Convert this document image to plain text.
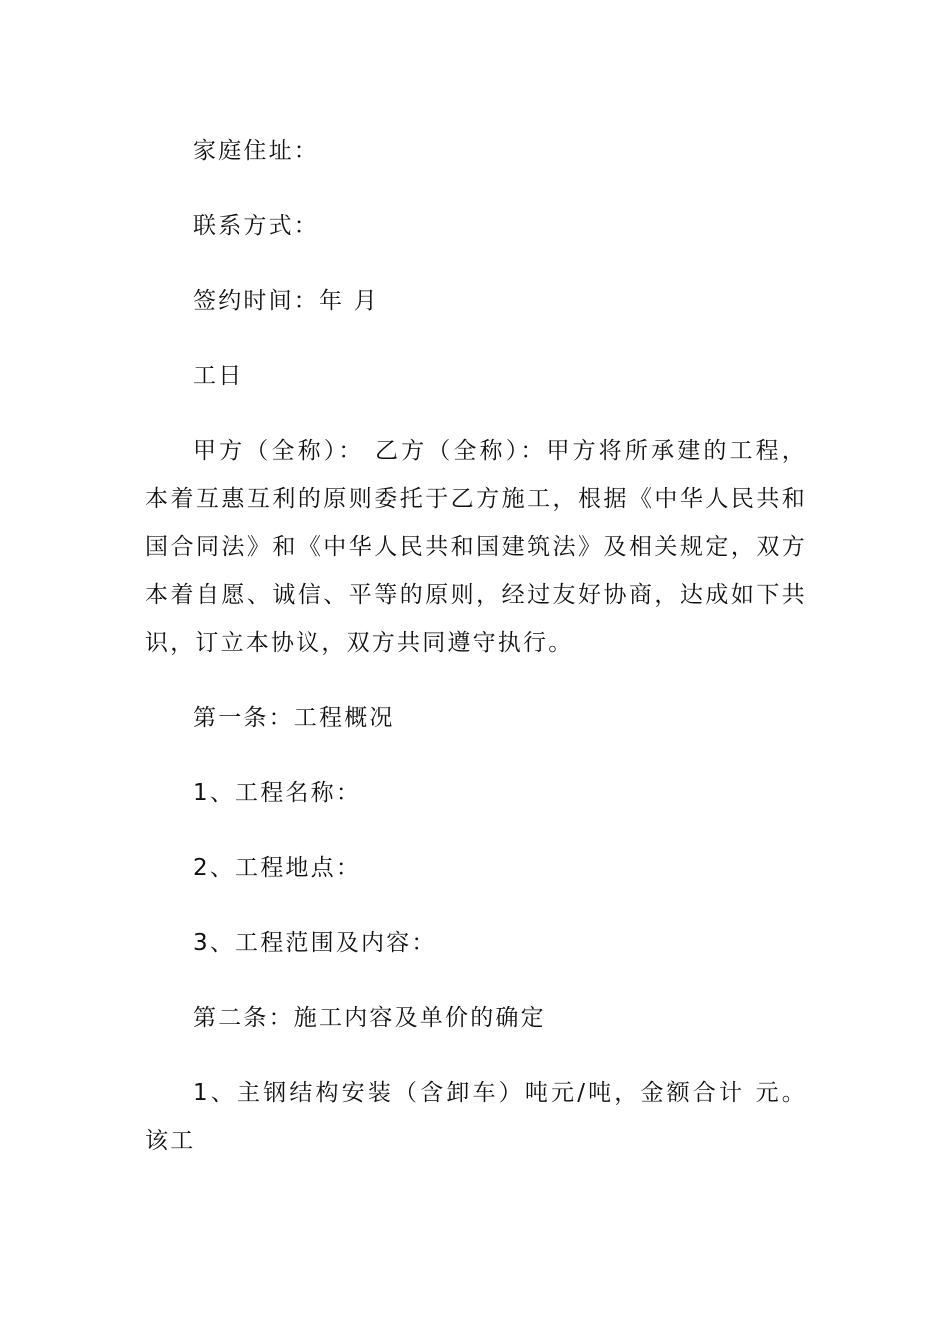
家庭住址：

联系方式：

签约时间：年 月

工日

甲方（全称）： 乙方（全称）：甲方将所承建的工程，本着互惠互利的原则委托于乙方施工，根据《中华人民共和国合同法》和《中华人民共和国建筑法》及相关规定，双方本着自愿、诚信、平等的原则，经过友好协商，达成如下共识，订立本协议，双方共同遵守执行。

第一条：工程概况

1、工程名称：

2、工程地点：

3、工程范围及内容：

第二条：施工内容及单价的确定

1、主钢结构安装（含卸车）吨元/吨，金额合计 元。该工
